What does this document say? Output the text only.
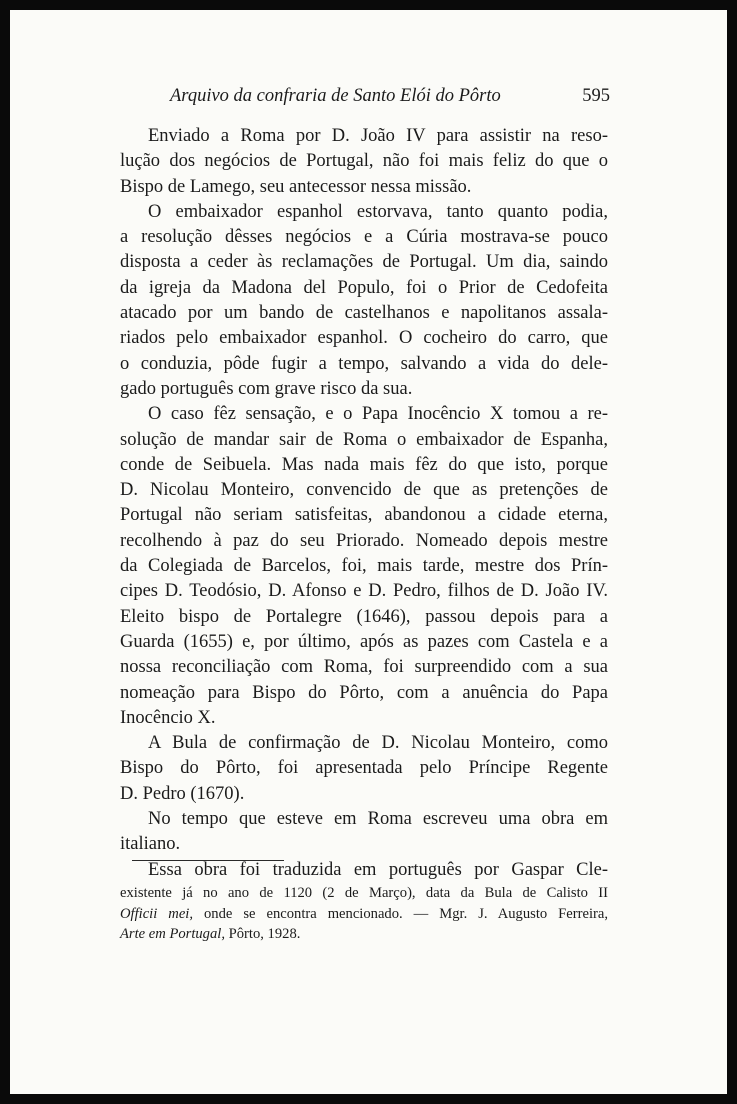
Arquivo da confraria de Santo Elói do Pôrto	595
Enviado a Roma por D. João IV para assistir na reso-
lução dos negócios de Portugal, não foi mais feliz do que o
Bispo de Lamego, seu antecessor nessa missão.
O embaixador espanhol estorvava, tanto quanto podia,
a resolução dêsses negócios e a Cúria mostrava-se pouco
disposta a ceder às reclamações de Portugal. Um dia, saindo
da igreja da Madona del Populo, foi o Prior de Cedofeita
atacado por um bando de castelhanos e napolitanos assala-
riados pelo embaixador espanhol. O cocheiro do carro, que
o conduzia, pôde fugir a tempo, salvando a vida do dele-
gado português com grave risco da sua.
O caso fêz sensação, e o Papa Inocêncio X tomou a re-
solução de mandar sair de Roma o embaixador de Espanha,
conde de Seibuela. Mas nada mais fêz do que isto, porque
D. Nicolau Monteiro, convencido de que as pretenções de
Portugal não seriam satisfeitas, abandonou a cidade eterna,
recolhendo à paz do seu Priorado. Nomeado depois mestre
da Colegiada de Barcelos, foi, mais tarde, mestre dos Prín-
cipes D. Teodósio, D. Afonso e D. Pedro, filhos de D. João IV.
Eleito bispo de Portalegre (1646), passou depois para a
Guarda (1655) e, por último, após as pazes com Castela e a
nossa reconciliação com Roma, foi surpreendido com a sua
nomeação para Bispo do Pôrto, com a anuência do Papa
Inocêncio X.
A Bula de confirmação de D. Nicolau Monteiro, como
Bispo do Pôrto, foi apresentada pelo Príncipe Regente
D. Pedro (1670).
No tempo que esteve em Roma escreveu uma obra em
italiano.
Essa obra foi traduzida em português por Gaspar Cle-
existente já no ano de 1120 (2 de Março), data da Bula de Calisto II
Officii mei, onde se encontra mencionado. — Mgr. J. Augusto Ferreira,
Arte em Portugal, Pôrto, 1928.
